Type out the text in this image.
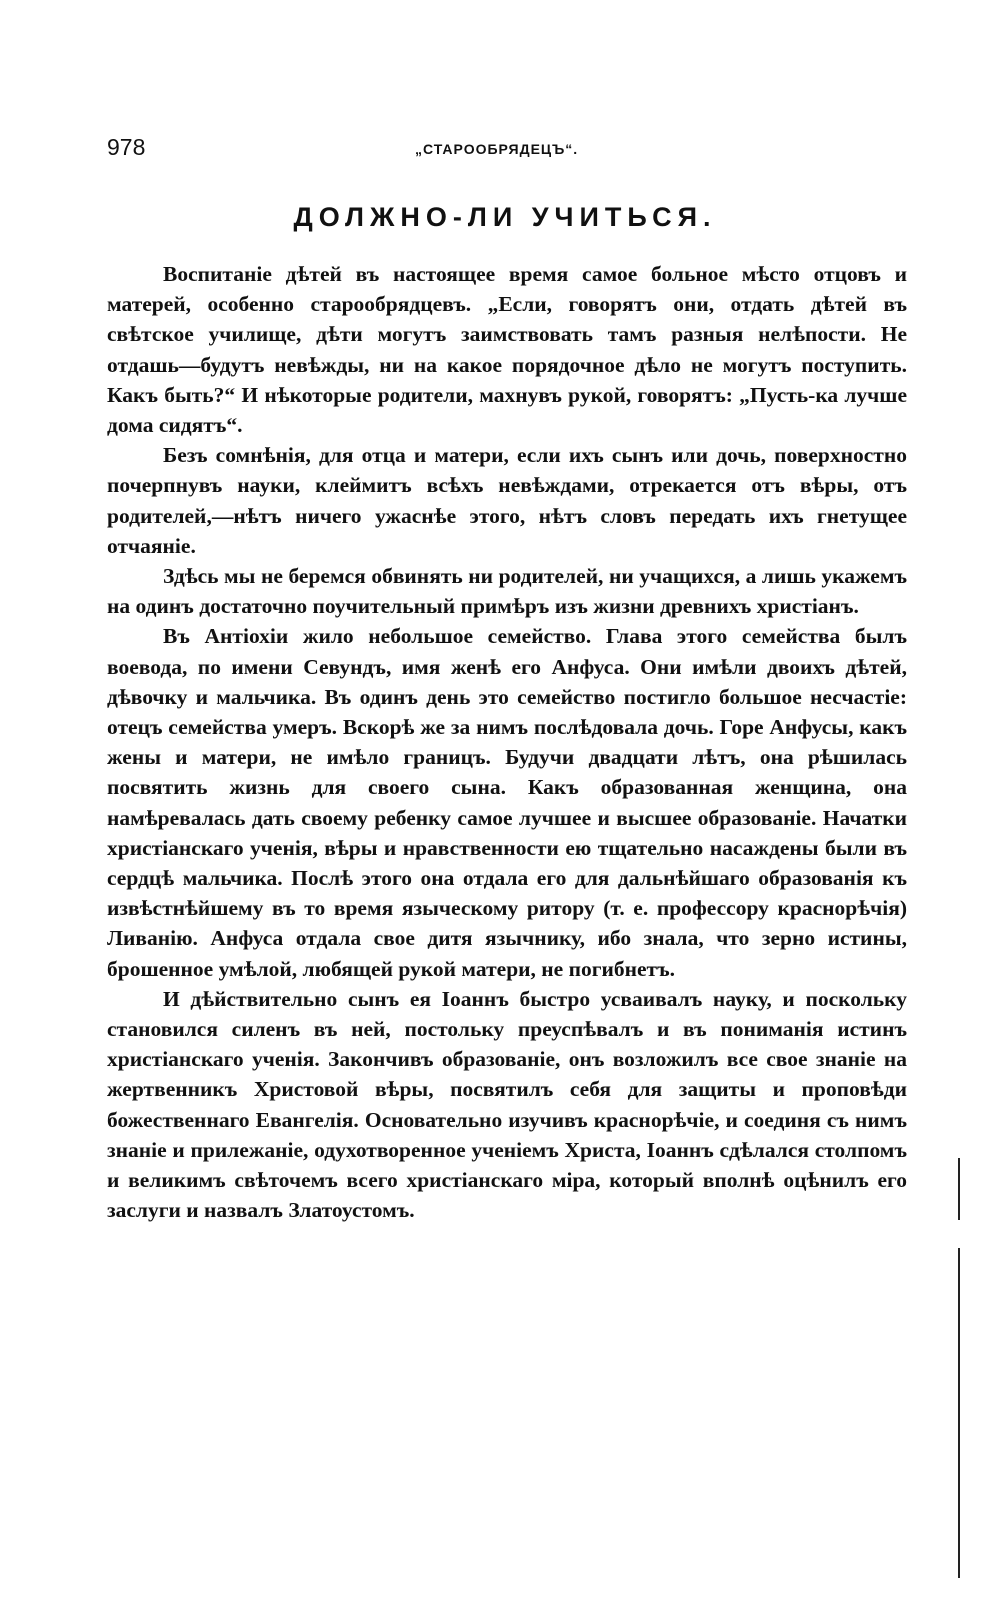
978	„СТАРООБРЯДЕЦЪ“.
ДОЛЖНО-ЛИ УЧИТЬСЯ.

Воспитаніе дѣтей въ настоящее время самое больное мѣсто отцовъ и матерей, особенно старообрядцевъ. „Если, говорятъ они, отдать дѣтей въ свѣтское училище, дѣти могутъ заимствовать тамъ разныя нелѣпости. Не отдашь—будутъ невѣжды, ни на какое порядочное дѣло не могутъ поступить. Какъ быть?“ И нѣкоторые родители, махнувъ рукой, говорятъ: „Пусть-ка лучше дома сидятъ“.

Безъ сомнѣнія, для отца и матери, если ихъ сынъ или дочь, поверхностно почерпнувъ науки, клеймитъ всѣхъ невѣждами, отрекается отъ вѣры, отъ родителей,—нѣтъ ничего ужаснѣе этого, нѣтъ словъ передать ихъ гнетущее отчаяніе.

Здѣсь мы не беремся обвинять ни родителей, ни учащихся, а лишь укажемъ на одинъ достаточно поучительный примѣръ изъ жизни древнихъ христіанъ.

Въ Антіохіи жило небольшое семейство. Глава этого семейства былъ воевода, по имени Севундъ, имя женѣ его Анфуса. Они имѣли двоихъ дѣтей, дѣвочку и мальчика. Въ одинъ день это семейство постигло большое несчастіе: отецъ семейства умеръ. Вскорѣ же за нимъ послѣдовала дочь. Горе Анфусы, какъ жены и матери, не имѣло границъ. Будучи двадцати лѣтъ, она рѣшилась посвятить жизнь для своего сына. Какъ образованная женщина, она намѣревалась дать своему ребенку самое лучшее и высшее образованіе. Начатки христіанскаго ученія, вѣры и нравственности ею тщательно насаждены были въ сердцѣ мальчика. Послѣ этого она отдала его для дальнѣйшаго образованія къ извѣстнѣйшему въ то время языческому ритору (т. е. профессору краснорѣчія) Ливанію. Анфуса отдала свое дитя язычнику, ибо знала, что зерно истины, брошенное умѣлой, любящей рукой матери, не погибнетъ.

И дѣйствительно сынъ ея Іоаннъ быстро усваивалъ науку, и поскольку становился силенъ въ ней, постольку преуспѣвалъ и въ пониманія истинъ христіанскаго ученія. Закончивъ образованіе, онъ возложилъ все свое знаніе на жертвенникъ Христовой вѣры, посвятилъ себя для защиты и проповѣди божественнаго Евангелія. Основательно изучивъ краснорѣчіе, и соединя съ нимъ знаніе и прилежаніе, одухотворенное ученіемъ Христа, Іоаннъ сдѣлался столпомъ и великимъ свѣточемъ всего христіанскаго міра, который вполнѣ оцѣнилъ его заслуги и назвалъ Златоустомъ.
